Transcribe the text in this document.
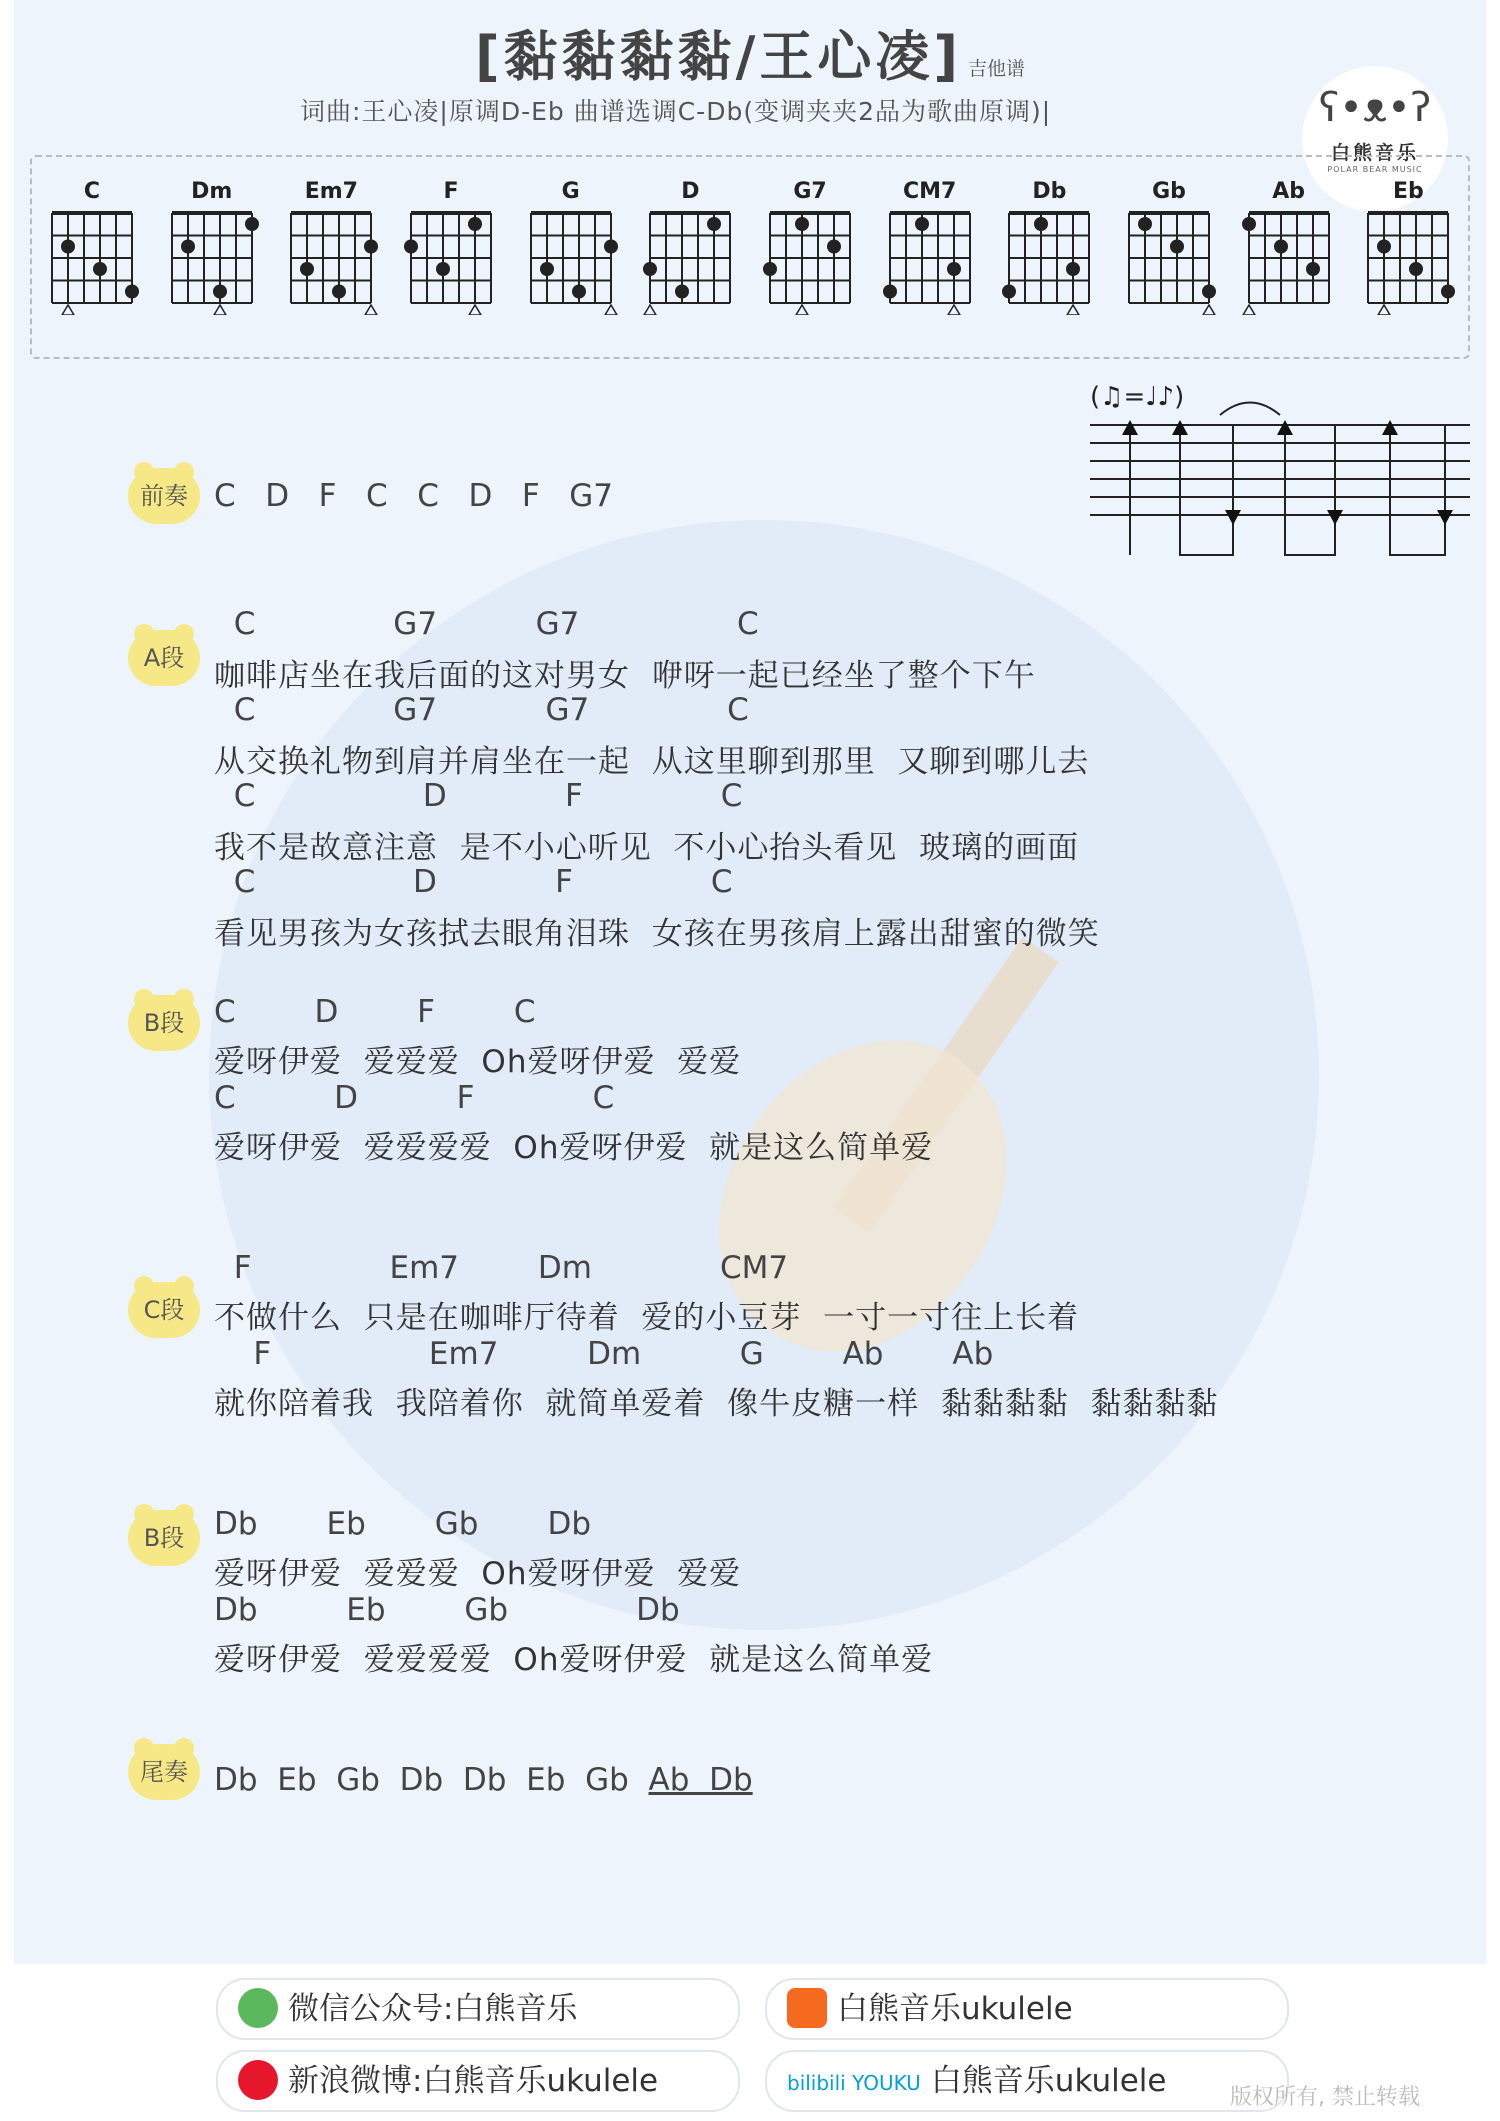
[黏黏黏黏/王心凌] 吉他谱
词曲:王心凌|原调D-Eb 曲谱选调C-Db(变调夹夹2品为歌曲原调)|	ʕ•ᴥ•ʔ
白熊音乐
POLAR BEAR MUSIC
C	Dm	Em7	F	G	D	G7	CM7	Db	Gb	Ab	Eb
(♫=♩♪)
前奏 C   D   F   C   C   D   F   G7
A段
C              G7          G7                C
咖啡店坐在我后面的这对男女  咿呀一起已经坐了整个下午
C              G7           G7              C
从交换礼物到肩并肩坐在一起  从这里聊到那里  又聊到哪儿去
C                 D            F              C
我不是故意注意  是不小心听见  不小心抬头看见  玻璃的画面
C                D            F              C
看见男孩为女孩拭去眼角泪珠  女孩在男孩肩上露出甜蜜的微笑
B段 C        D        F        C
爱呀伊爱  爱爱爱  Oh爱呀伊爱  爱爱
C          D          F            C
爱呀伊爱  爱爱爱爱  Oh爱呀伊爱  就是这么简单爱
C段
F              Em7        Dm             CM7
不做什么  只是在咖啡厅待着  爱的小豆芽  一寸一寸往上长着
F                Em7         Dm          G        Ab       Ab
就你陪着我  我陪着你  就简单爱着  像牛皮糖一样  黏黏黏黏  黏黏黏黏
B段 Db       Eb       Gb       Db
爱呀伊爱  爱爱爱  Oh爱呀伊爱  爱爱
Db         Eb        Gb             Db
爱呀伊爱  爱爱爱爱  Oh爱呀伊爱  就是这么简单爱
尾奏 Db  Eb  Gb  Db  Db  Eb  Gb  Ab  Db
微信公众号:白熊音乐	白熊音乐ukulele
新浪微博:白熊音乐ukulele	bilibili YOUKU 白熊音乐ukulele	版权所有, 禁止转载
